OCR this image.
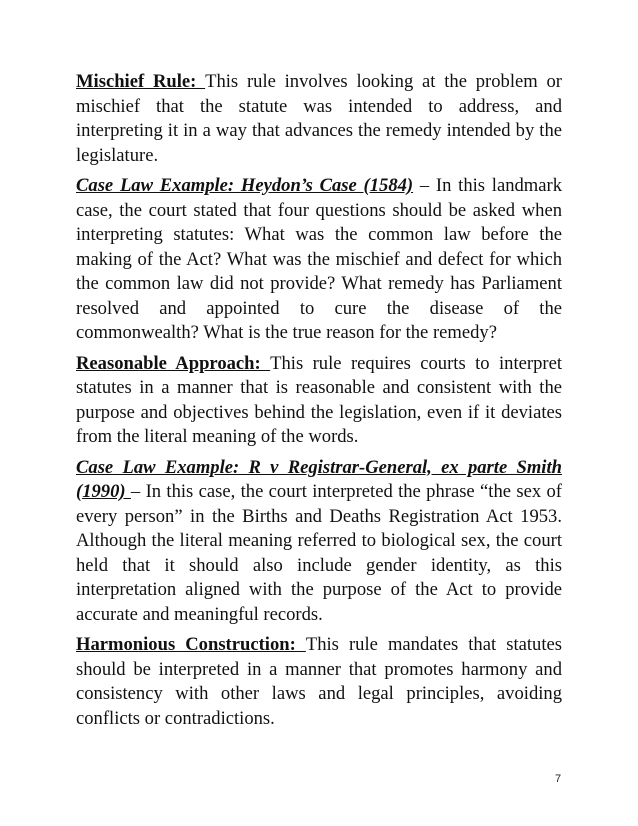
Mischief Rule: This rule involves looking at the problem or mischief that the statute was intended to address, and interpreting it in a way that advances the remedy intended by the legislature.

Case Law Example: Heydon’s Case (1584) – In this landmark case, the court stated that four questions should be asked when interpreting statutes: What was the common law before the making of the Act? What was the mischief and defect for which the common law did not provide? What remedy has Parliament resolved and appointed to cure the disease of the commonwealth? What is the true reason for the remedy?

Reasonable Approach: This rule requires courts to interpret statutes in a manner that is reasonable and consistent with the purpose and objectives behind the legislation, even if it deviates from the literal meaning of the words.

Case Law Example: R v Registrar-General, ex parte Smith (1990) – In this case, the court interpreted the phrase “the sex of every person” in the Births and Deaths Registration Act 1953. Although the literal meaning referred to biological sex, the court held that it should also include gender identity, as this interpretation aligned with the purpose of the Act to provide accurate and meaningful records.

Harmonious Construction: This rule mandates that statutes should be interpreted in a manner that promotes harmony and consistency with other laws and legal principles, avoiding conflicts or contradictions.

7
